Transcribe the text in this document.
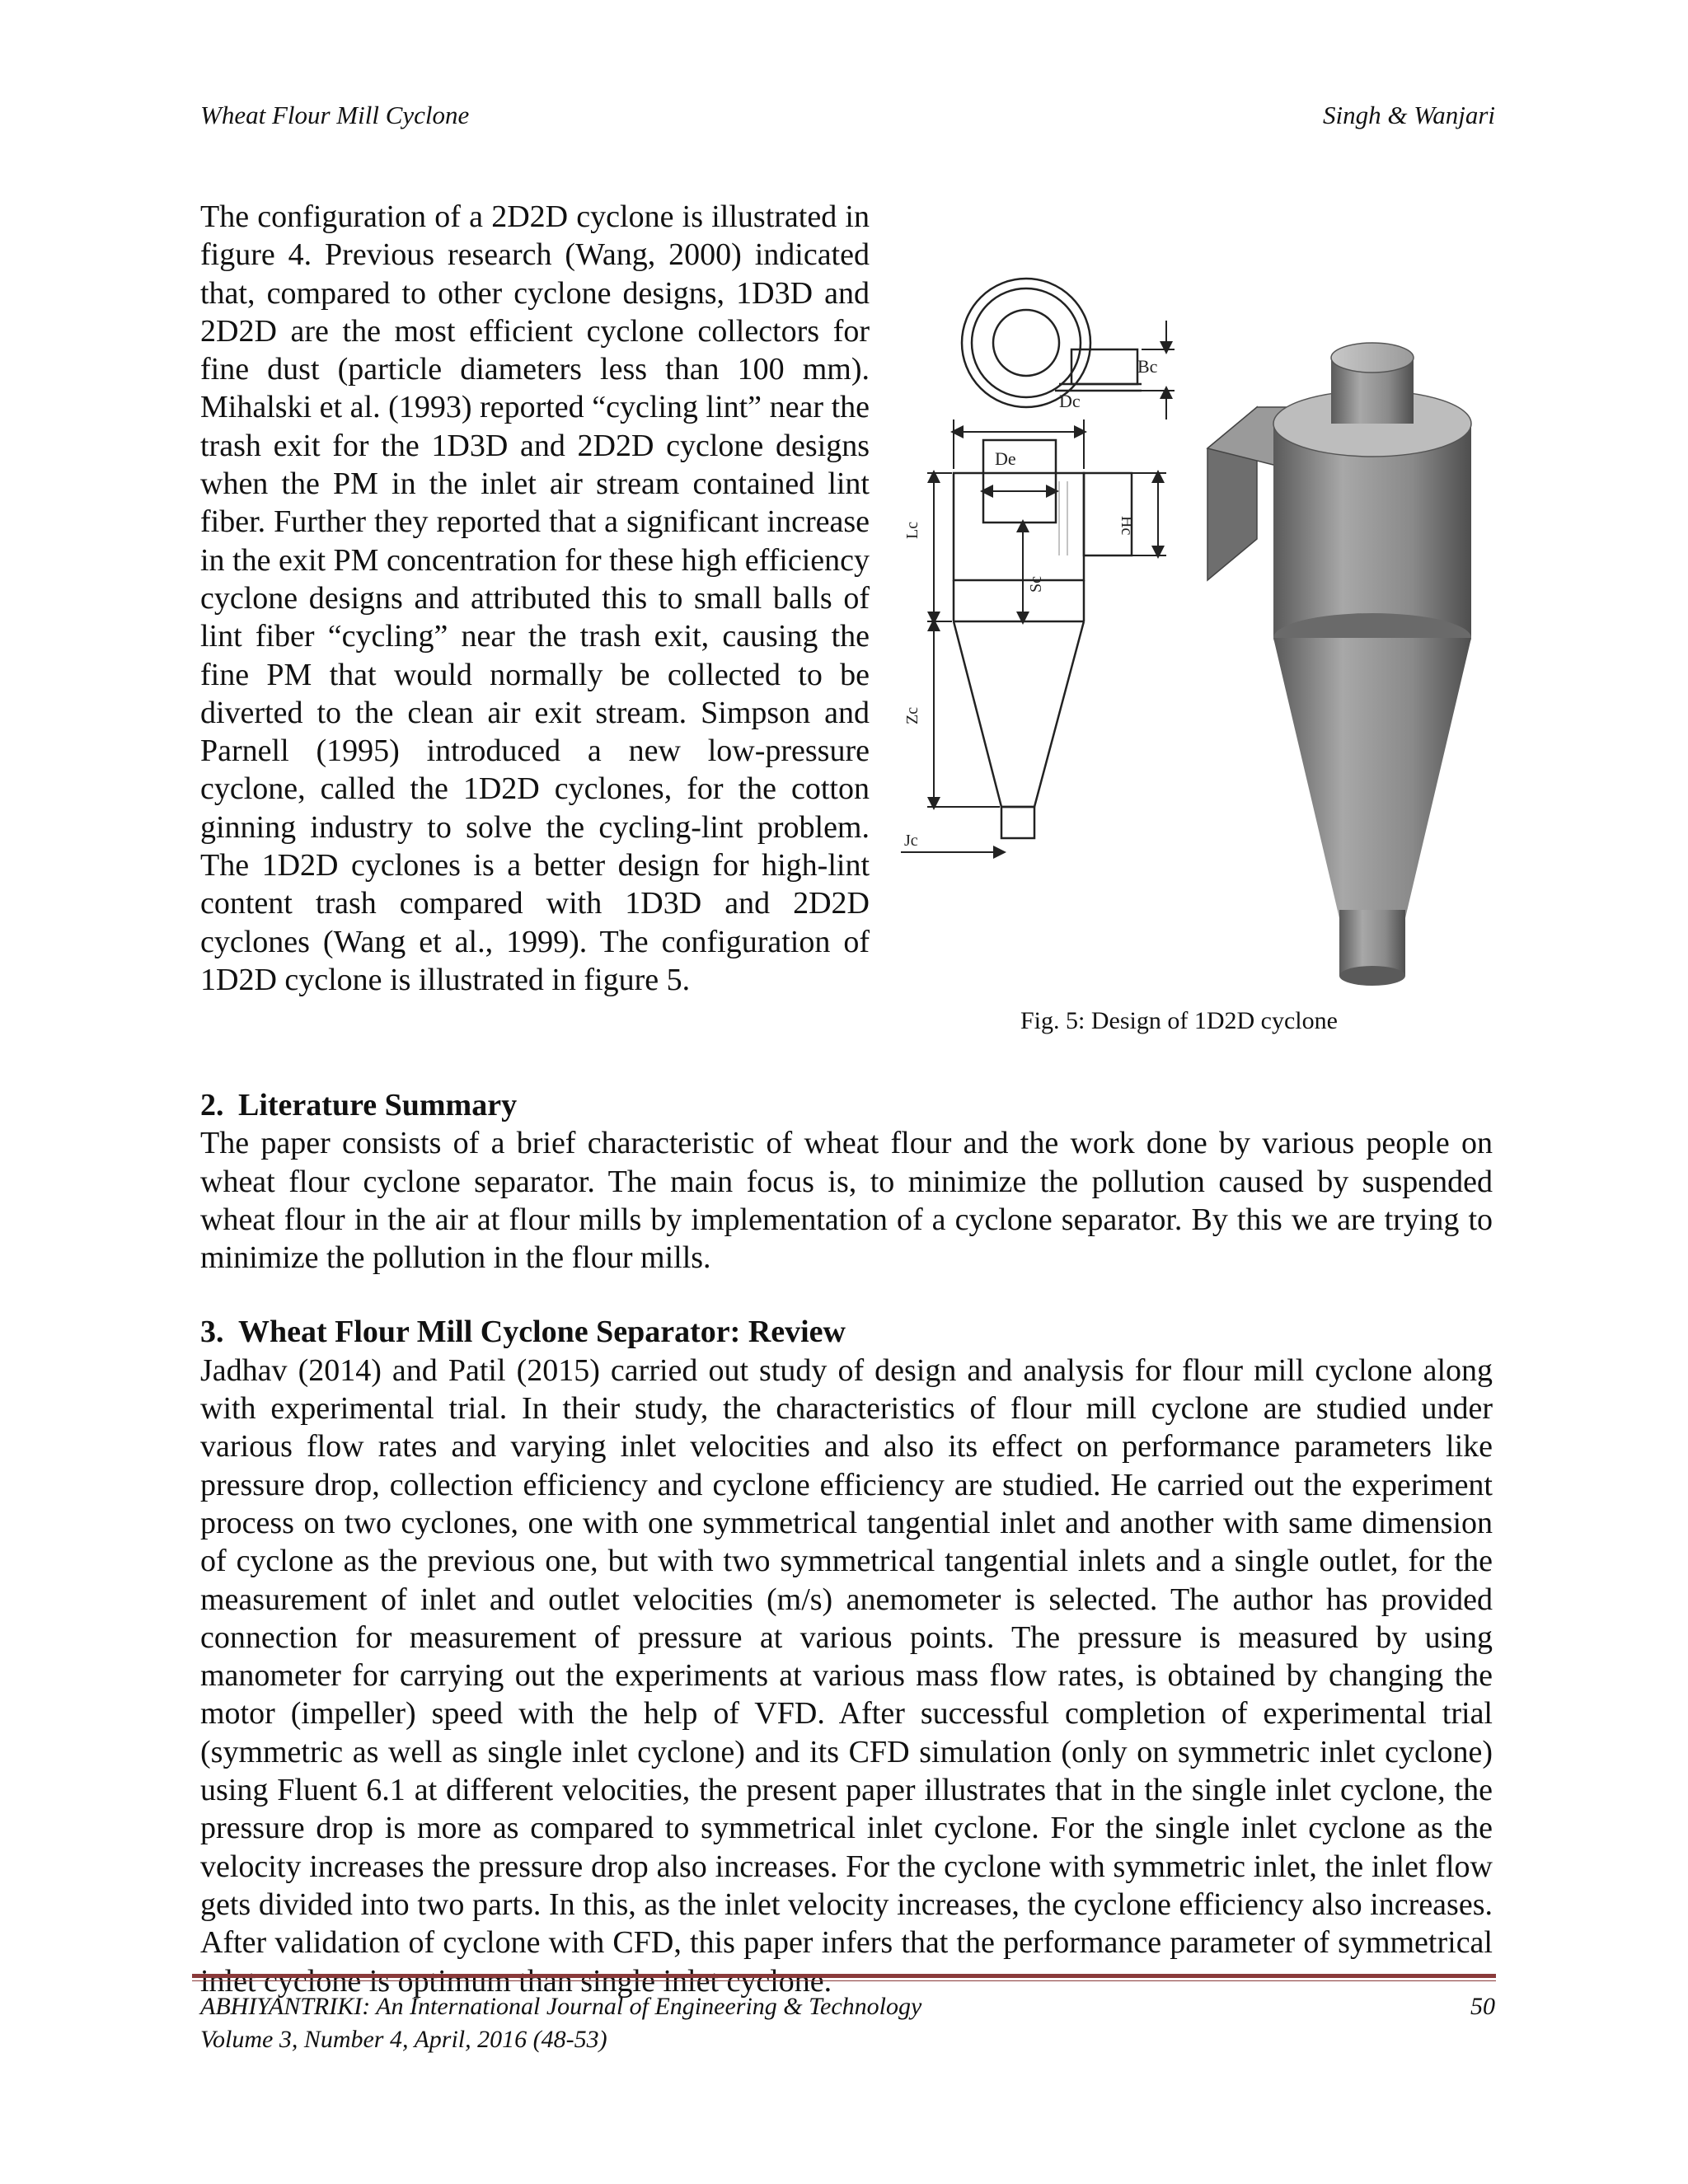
Wheat Flour Mill Cyclone	Singh & Wanjari
Bc
Dc
De
Hc
Lc
Sc
Zc
Jc
Fig. 5: Design of 1D2D cyclone

The configuration of a 2D2D cyclone is illustrated in figure 4. Previous research (Wang, 2000) indicated that, compared to other cyclone designs, 1D3D and 2D2D are the most efficient cyclone collectors for fine dust (particle diameters less than 100 mm). Mihalski et al. (1993) reported “cycling lint” near the trash exit for the 1D3D and 2D2D cyclone designs when the PM in the inlet air stream contained lint fiber. Further they reported that a significant increase in the exit PM concentration for these high efficiency cyclone designs and attributed this to small balls of lint fiber “cycling” near the trash exit, causing the fine PM that would normally be collected to be diverted to the clean air exit stream. Simpson and Parnell (1995) introduced a new low-pressure cyclone, called the 1D2D cyclones, for the cotton ginning industry to solve the cycling-lint problem. The 1D2D cyclones is a better design for high-lint content trash compared with 1D3D and 2D2D cyclones (Wang et al., 1999). The configuration of 1D2D cyclone is illustrated in figure 5.

2. Literature Summary

The paper consists of a brief characteristic of wheat flour and the work done by various people on wheat flour cyclone separator. The main focus is, to minimize the pollution caused by suspended wheat flour in the air at flour mills by implementation of a cyclone separator. By this we are trying to minimize the pollution in the flour mills.

3. Wheat Flour Mill Cyclone Separator: Review

Jadhav (2014) and Patil (2015) carried out study of design and analysis for flour mill cyclone along with experimental trial. In their study, the characteristics of flour mill cyclone are studied under various flow rates and varying inlet velocities and also its effect on performance parameters like pressure drop, collection efficiency and cyclone efficiency are studied. He carried out the experiment process on two cyclones, one with one symmetrical tangential inlet and another with same dimension of cyclone as the previous one, but with two symmetrical tangential inlets and a single outlet, for the measurement of inlet and outlet velocities (m/s) anemometer is selected. The author has provided connection for measurement of pressure at various points. The pressure is measured by using manometer for carrying out the experiments at various mass flow rates, is obtained by changing the motor (impeller) speed with the help of VFD. After successful completion of experimental trial (symmetric as well as single inlet cyclone) and its CFD simulation (only on symmetric inlet cyclone) using Fluent 6.1 at different velocities, the present paper illustrates that in the single inlet cyclone, the pressure drop is more as compared to symmetrical inlet cyclone. For the single inlet cyclone as the velocity increases the pressure drop also increases. For the cyclone with symmetric inlet, the inlet flow gets divided into two parts. In this, as the inlet velocity increases, the cyclone efficiency also increases. After validation of cyclone with CFD, this paper infers that the performance parameter of symmetrical inlet cyclone is optimum than single inlet cyclone.

ABHIYANTRIKI: An International Journal of Engineering & Technology
Volume 3, Number 4, April, 2016 (48-53)
50
